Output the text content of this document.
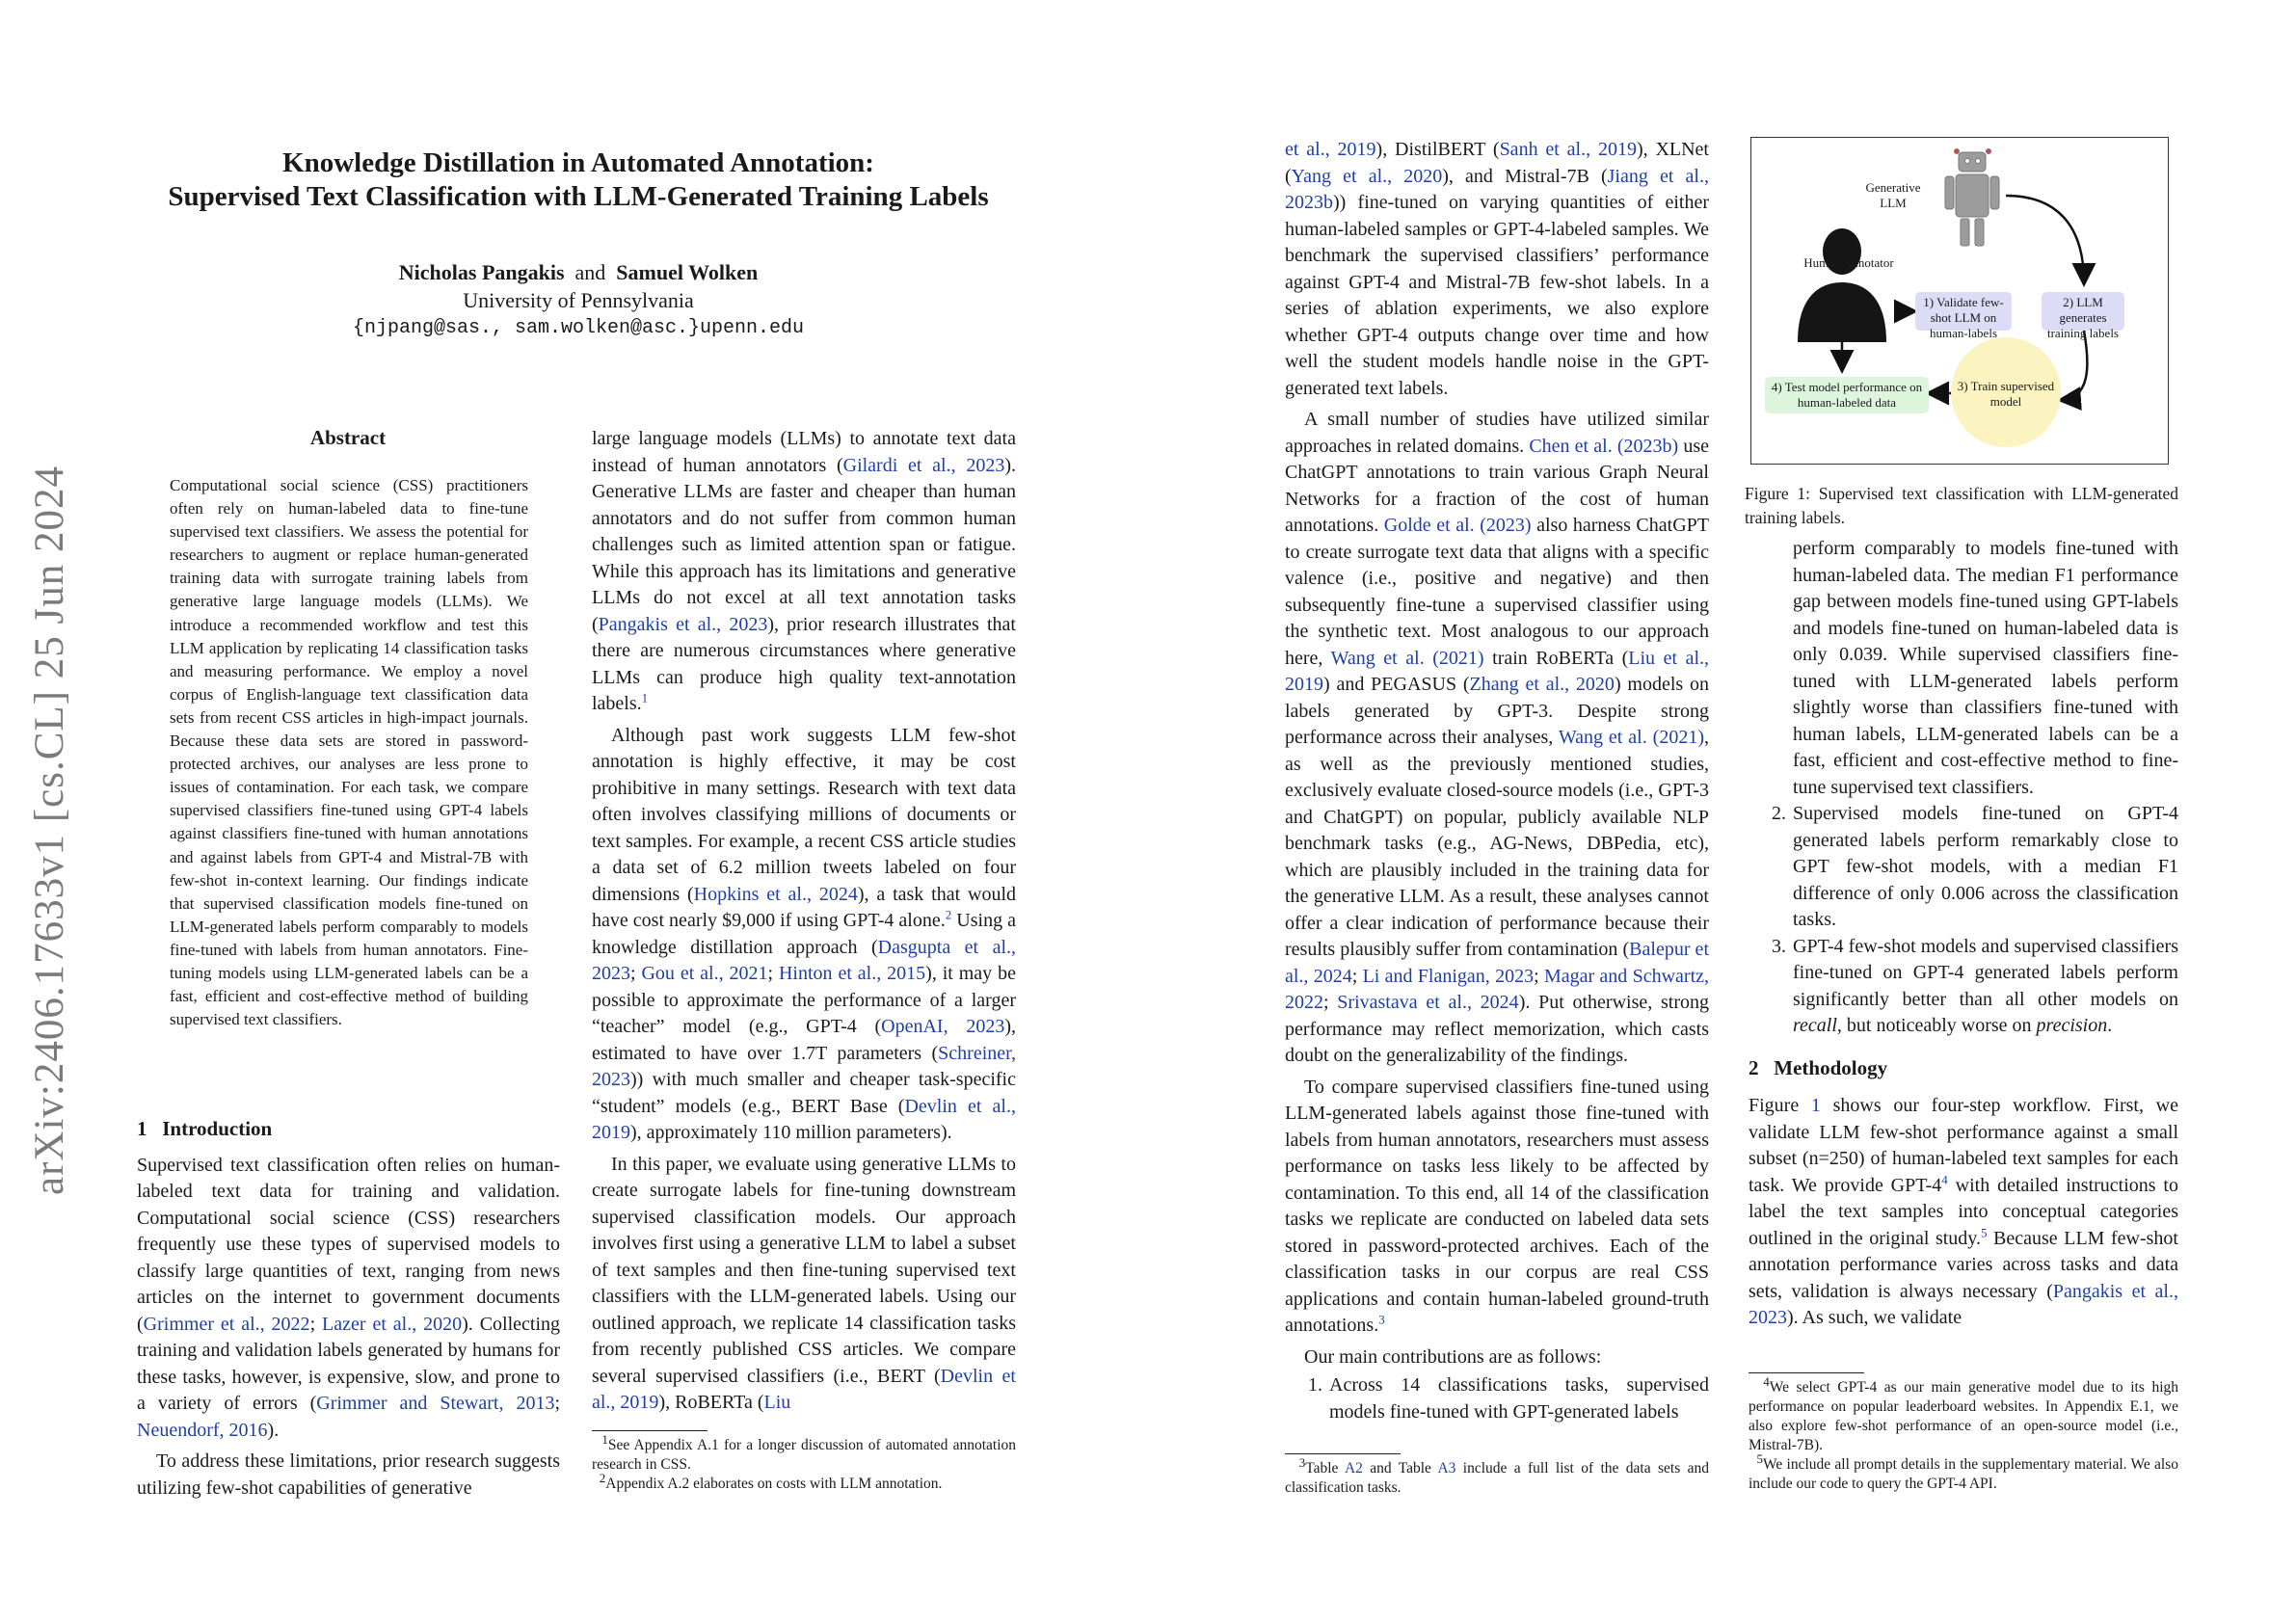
arXiv:2406.17633v1 [cs.CL] 25 Jun 2024
Knowledge Distillation in Automated Annotation:
Supervised Text Classification with LLM-Generated Training Labels
Nicholas Pangakis and Samuel Wolken
University of Pennsylvania
{njpang@sas., sam.wolken@asc.}upenn.edu
Abstract
Computational social science (CSS) practitioners often rely on human-labeled data to fine-tune supervised text classifiers. We assess the potential for researchers to augment or replace human-generated training data with surrogate training labels from generative large language models (LLMs). We introduce a recommended workflow and test this LLM application by replicating 14 classification tasks and measuring performance. We employ a novel corpus of English-language text classification data sets from recent CSS articles in high-impact journals. Because these data sets are stored in password-protected archives, our analyses are less prone to issues of contamination. For each task, we compare supervised classifiers fine-tuned using GPT-4 labels against classifiers fine-tuned with human annotations and against labels from GPT-4 and Mistral-7B with few-shot in-context learning. Our findings indicate that supervised classification models fine-tuned on LLM-generated labels perform comparably to models fine-tuned with labels from human annotators. Fine-tuning models using LLM-generated labels can be a fast, efficient and cost-effective method of building supervised text classifiers.
1 Introduction

Supervised text classification often relies on human-labeled text data for training and validation. Computational social science (CSS) researchers frequently use these types of supervised models to classify large quantities of text, ranging from news articles on the internet to government documents (Grimmer et al., 2022; Lazer et al., 2020). Collecting training and validation labels generated by humans for these tasks, however, is expensive, slow, and prone to a variety of errors (Grimmer and Stewart, 2013; Neuendorf, 2016).

To address these limitations, prior research suggests utilizing few-shot capabilities of generative

large language models (LLMs) to annotate text data instead of human annotators (Gilardi et al., 2023). Generative LLMs are faster and cheaper than human annotators and do not suffer from common human challenges such as limited attention span or fatigue. While this approach has its limitations and generative LLMs do not excel at all text annotation tasks (Pangakis et al., 2023), prior research illustrates that there are numerous circumstances where generative LLMs can produce high quality text-annotation labels.$^1$

Although past work suggests LLM few-shot annotation is highly effective, it may be cost prohibitive in many settings. Research with text data often involves classifying millions of documents or text samples. For example, a recent CSS article studies a data set of 6.2 million tweets labeled on four dimensions (Hopkins et al., 2024), a task that would have cost nearly $9,000 if using GPT-4 alone.$^2$ Using a knowledge distillation approach (Dasgupta et al., 2023; Gou et al., 2021; Hinton et al., 2015), it may be possible to approximate the performance of a larger “teacher” model (e.g., GPT-4 (OpenAI, 2023), estimated to have over 1.7T parameters (Schreiner, 2023)) with much smaller and cheaper task-specific “student” models (e.g., BERT Base (Devlin et al., 2019), approximately 110 million parameters).

In this paper, we evaluate using generative LLMs to create surrogate labels for fine-tuning downstream supervised classification models. Our approach involves first using a generative LLM to label a subset of text samples and then fine-tuning supervised text classifiers with the LLM-generated labels. Using our outlined approach, we replicate 14 classification tasks from recently published CSS articles. We compare several supervised classifiers (i.e., BERT (Devlin et al., 2019), RoBERTa (Liu

$^1$See Appendix A.1 for a longer discussion of automated annotation research in CSS.
$^2$Appendix A.2 elaborates on costs with LLM annotation.

et al., 2019), DistilBERT (Sanh et al., 2019), XLNet (Yang et al., 2020), and Mistral-7B (Jiang et al., 2023b)) fine-tuned on varying quantities of either human-labeled samples or GPT-4-labeled samples. We benchmark the supervised classifiers’ performance against GPT-4 and Mistral-7B few-shot labels. In a series of ablation experiments, we also explore whether GPT-4 outputs change over time and how well the student models handle noise in the GPT-generated text labels.

A small number of studies have utilized similar approaches in related domains. Chen et al. (2023b) use ChatGPT annotations to train various Graph Neural Networks for a fraction of the cost of human annotations. Golde et al. (2023) also harness ChatGPT to create surrogate text data that aligns with a specific valence (i.e., positive and negative) and then subsequently fine-tune a supervised classifier using the synthetic text. Most analogous to our approach here, Wang et al. (2021) train RoBERTa (Liu et al., 2019) and PEGASUS (Zhang et al., 2020) models on labels generated by GPT-3. Despite strong performance across their analyses, Wang et al. (2021), as well as the previously mentioned studies, exclusively evaluate closed-source models (i.e., GPT-3 and ChatGPT) on popular, publicly available NLP benchmark tasks (e.g., AG-News, DBPedia, etc), which are plausibly included in the training data for the generative LLM. As a result, these analyses cannot offer a clear indication of performance because their results plausibly suffer from contamination (Balepur et al., 2024; Li and Flanigan, 2023; Magar and Schwartz, 2022; Srivastava et al., 2024). Put otherwise, strong performance may reflect memorization, which casts doubt on the generalizability of the findings.

To compare supervised classifiers fine-tuned using LLM-generated labels against those fine-tuned with labels from human annotators, researchers must assess performance on tasks less likely to be affected by contamination. To this end, all 14 of the classification tasks we replicate are conducted on labeled data sets stored in password-protected archives. Each of the classification tasks in our corpus are real CSS applications and contain human-labeled ground-truth annotations.$^3$

Our main contributions are as follows:

1. Across 14 classifications tasks, supervised models fine-tuned with GPT-generated labels
$^3$Table A2 and Table A3 include a full list of the data sets and classification tasks.
Generative LLM
Human Annotator
1) Validate few-shot LLM on human-labels
2) LLM generates training labels
3) Train supervised model
4) Test model performance on human-labeled data
Figure 1: Supervised text classification with LLM-generated training labels.
perform comparably to models fine-tuned with human-labeled data. The median F1 performance gap between models fine-tuned using GPT-labels and models fine-tuned on human-labeled data is only 0.039. While supervised classifiers fine-tuned with LLM-generated labels perform slightly worse than classifiers fine-tuned with human labels, LLM-generated labels can be a fast, efficient and cost-effective method to fine-tune supervised text classifiers.
2. Supervised models fine-tuned on GPT-4 generated labels perform remarkably close to GPT few-shot models, with a median F1 difference of only 0.006 across the classification tasks.
3. GPT-4 few-shot models and supervised classifiers fine-tuned on GPT-4 generated labels perform significantly better than all other models on recall, but noticeably worse on precision.
2 Methodology

Figure 1 shows our four-step workflow. First, we validate LLM few-shot performance against a small subset (n=250) of human-labeled text samples for each task. We provide GPT-$4^4$ with detailed instructions to label the text samples into conceptual categories outlined in the original study.$^5$ Because LLM few-shot annotation performance varies across tasks and data sets, validation is always necessary (Pangakis et al., 2023). As such, we validate

$^4$We select GPT-4 as our main generative model due to its high performance on popular leaderboard websites. In Appendix E.1, we also explore few-shot performance of an open-source model (i.e., Mistral-7B).
$^5$We include all prompt details in the supplementary material. We also include our code to query the GPT-4 API.
